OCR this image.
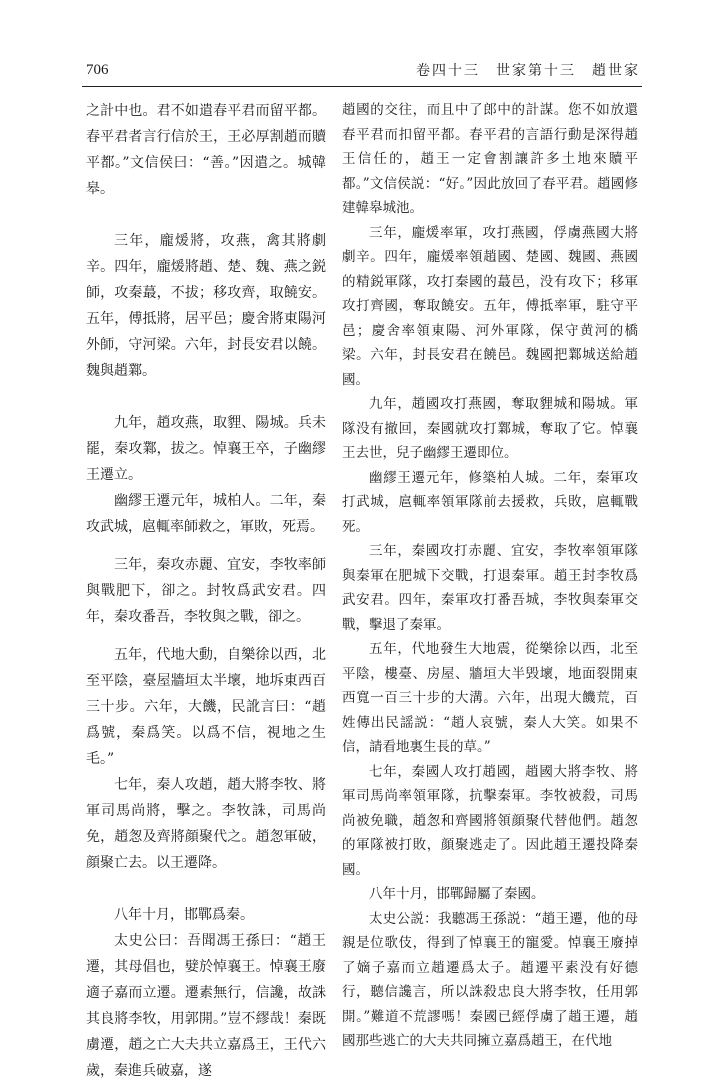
706	卷四十三　世家第十三　趙世家

之計中也。君不如遣春平君而留平都。春平君者言行信於王，王必厚割趙而贖平都。”文信侯曰：“善。”因遣之。城韓皋。

三年，龐煖將，攻燕，禽其將劇辛。四年，龐煖將趙、楚、魏、燕之鋭師，攻秦蕞，不拔；移攻齊，取饒安。五年，傅抵將，居平邑；慶舍將東陽河外師，守河梁。六年，封長安君以饒。魏與趙鄴。

九年，趙攻燕，取貍、陽城。兵未罷，秦攻鄴，拔之。悼襄王卒，子幽繆王遷立。

幽繆王遷元年，城柏人。二年，秦攻武城，扈輒率師救之，軍敗，死焉。

三年，秦攻赤麗、宜安，李牧率師與戰肥下，卻之。封牧爲武安君。四年，秦攻番吾，李牧與之戰，卻之。

五年，代地大動，自樂徐以西，北至平陰，臺屋牆垣太半壞，地坼東西百三十步。六年，大饑，民訛言曰：“趙爲號，秦爲笑。以爲不信，視地之生毛。”

七年，秦人攻趙，趙大將李牧、將軍司馬尚將，擊之。李牧誅，司馬尚免，趙怱及齊將顔聚代之。趙怱軍破，顔聚亡去。以王遷降。

八年十月，邯鄲爲秦。

太史公曰：吾聞馮王孫曰：“趙王遷，其母倡也，嬖於悼襄王。悼襄王廢適子嘉而立遷。遷素無行，信讒，故誅其良將李牧，用郭開。”豈不繆哉！秦既虜遷，趙之亡大夫共立嘉爲王，王代六歲，秦進兵破嘉，遂

趙國的交往，而且中了郎中的計謀。您不如放還春平君而扣留平都。春平君的言語行動是深得趙王信任的，趙王一定會割讓許多土地來贖平都。”文信侯説：“好。”因此放回了春平君。趙國修建韓皋城池。

三年，龐煖率軍，攻打燕國，俘虜燕國大將劇辛。四年，龐煖率領趙國、楚國、魏國、燕國的精鋭軍隊，攻打秦國的蕞邑，没有攻下；移軍攻打齊國，奪取饒安。五年，傅抵率軍，駐守平邑；慶舍率領東陽、河外軍隊，保守黄河的橋梁。六年，封長安君在饒邑。魏國把鄴城送給趙國。

九年，趙國攻打燕國，奪取貍城和陽城。軍隊没有撤回，秦國就攻打鄴城，奪取了它。悼襄王去世，兒子幽繆王遷即位。

幽繆王遷元年，修築柏人城。二年，秦軍攻打武城，扈輒率領軍隊前去援救，兵敗，扈輒戰死。

三年，秦國攻打赤麗、宜安，李牧率領軍隊與秦軍在肥城下交戰，打退秦軍。趙王封李牧爲武安君。四年，秦軍攻打番吾城，李牧與秦軍交戰，擊退了秦軍。

五年，代地發生大地震，從樂徐以西，北至平陰，樓臺、房屋、牆垣大半毁壞，地面裂開東西寬一百三十步的大溝。六年，出現大饑荒，百姓傳出民謡説：“趙人哀號，秦人大笑。如果不信，請看地裏生長的草。”

七年，秦國人攻打趙國，趙國大將李牧、將軍司馬尚率領軍隊，抗擊秦軍。李牧被殺，司馬尚被免職，趙怱和齊國將領顔聚代替他們。趙怱的軍隊被打敗，顔聚逃走了。因此趙王遷投降秦國。

八年十月，邯鄲歸屬了秦國。

太史公説：我聽馮王孫説：“趙王遷，他的母親是位歌伎，得到了悼襄王的寵愛。悼襄王廢掉了嫡子嘉而立趙遷爲太子。趙遷平素没有好德行，聽信讒言，所以誅殺忠良大將李牧，任用郭開。”難道不荒謬嗎！秦國已經俘虜了趙王遷，趙國那些逃亡的大夫共同擁立嘉爲趙王，在代地
